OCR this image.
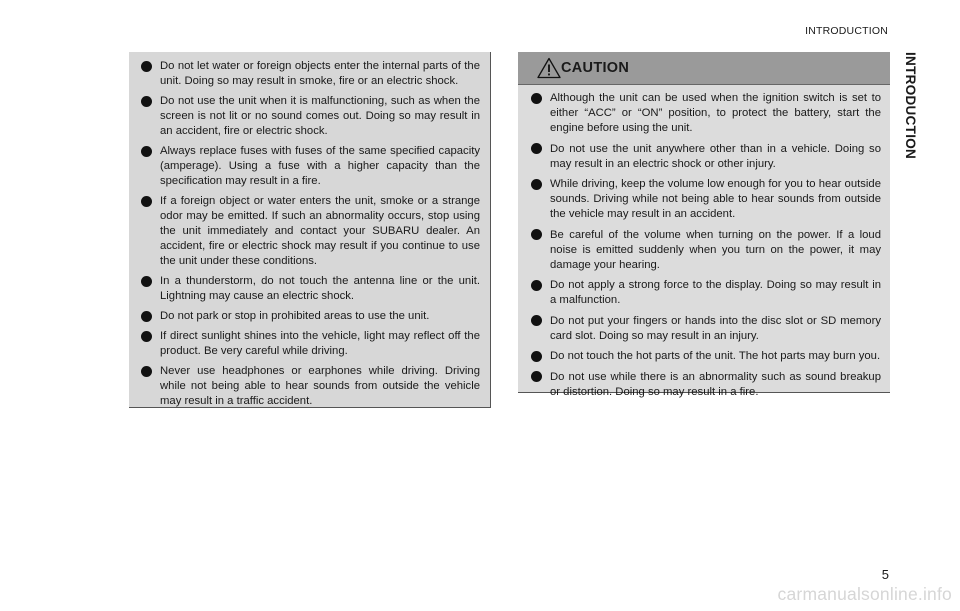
INTRODUCTION
INTRODUCTION
Do not let water or foreign objects enter the internal parts of the unit. Doing so may result in smoke, fire or an electric shock.
Do not use the unit when it is malfunctioning, such as when the screen is not lit or no sound comes out. Doing so may result in an accident, fire or electric shock.
Always replace fuses with fuses of the same specified capacity (amperage). Using a fuse with a higher capacity than the specification may result in a fire.
If a foreign object or water enters the unit, smoke or a strange odor may be emitted. If such an abnormality occurs, stop using the unit immediately and contact your SUBARU dealer. An accident, fire or electric shock may result if you continue to use the unit under these conditions.
In a thunderstorm, do not touch the antenna line or the unit. Lightning may cause an electric shock.
Do not park or stop in prohibited areas to use the unit.
If direct sunlight shines into the vehicle, light may reflect off the product. Be very careful while driving.
Never use headphones or earphones while driving. Driving while not being able to hear sounds from outside the vehicle may result in a traffic accident.
CAUTION
Although the unit can be used when the ignition switch is set to either “ACC” or “ON” position, to protect the battery, start the engine before using the unit.
Do not use the unit anywhere other than in a vehicle. Doing so may result in an electric shock or other injury.
While driving, keep the volume low enough for you to hear outside sounds. Driving while not being able to hear sounds from outside the vehicle may result in an accident.
Be careful of the volume when turning on the power. If a loud noise is emitted suddenly when you turn on the power, it may damage your hearing.
Do not apply a strong force to the display. Doing so may result in a malfunction.
Do not put your fingers or hands into the disc slot or SD memory card slot. Doing so may result in an injury.
Do not touch the hot parts of the unit. The hot parts may burn you.
Do not use while there is an abnormality such as sound breakup or distortion. Doing so may result in a fire.
5
carmanualsonline.info
